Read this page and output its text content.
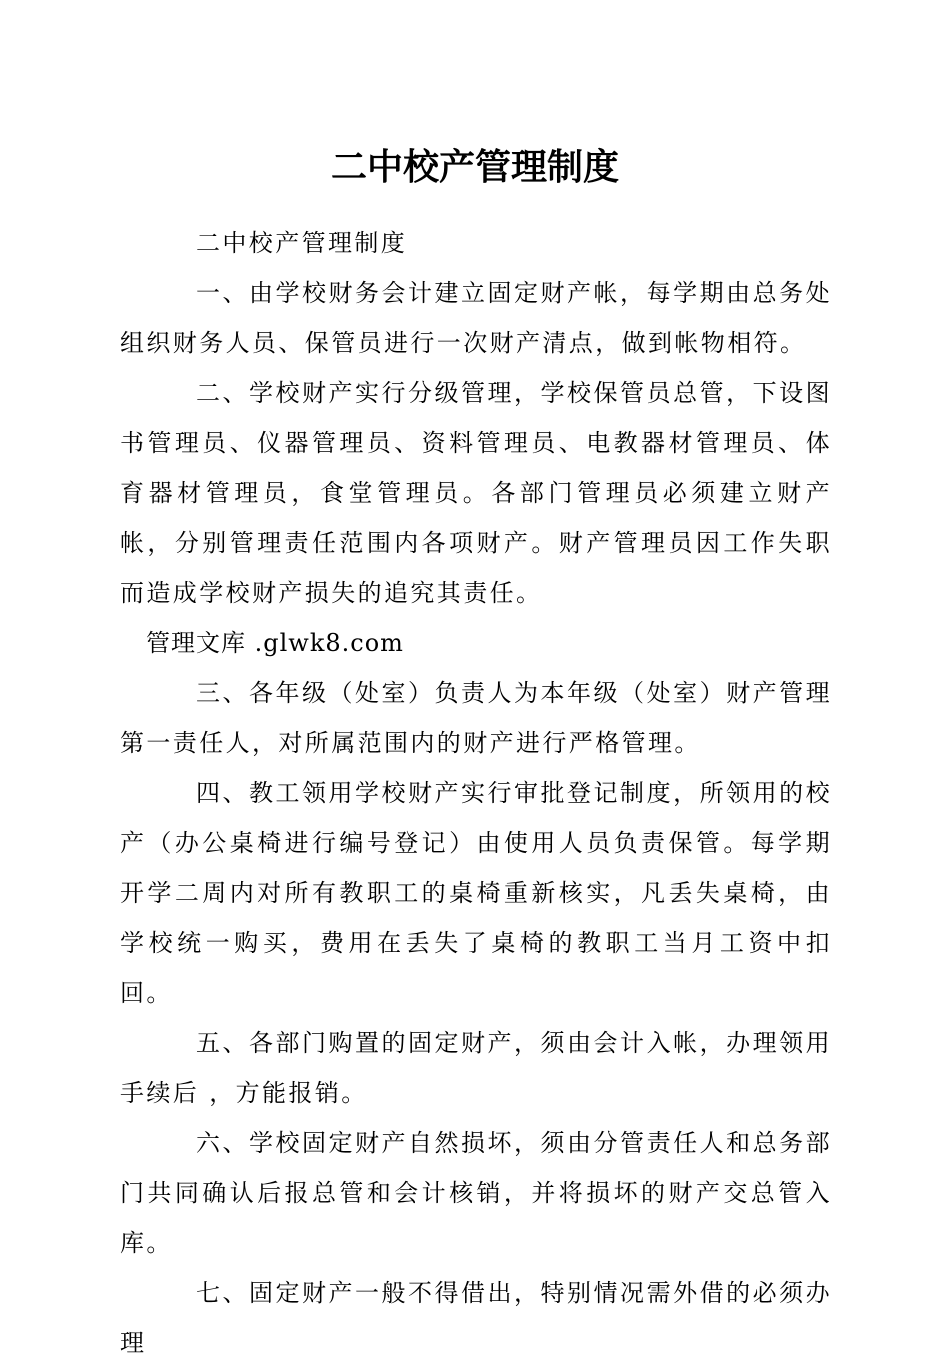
二中校产管理制度

二中校产管理制度

一、由学校财务会计建立固定财产帐，每学期由总务处组织财务人员、保管员进行一次财产清点，做到帐物相符。

二、学校财产实行分级管理，学校保管员总管，下设图书管理员、仪器管理员、资料管理员、电教器材管理员、体育器材管理员，食堂管理员。各部门管理员必须建立财产帐，分别管理责任范围内各项财产。财产管理员因工作失职而造成学校财产损失的追究其责任。

管理文库 .glwk8.com

三、各年级（处室）负责人为本年级（处室）财产管理第一责任人，对所属范围内的财产进行严格管理。

四、教工领用学校财产实行审批登记制度，所领用的校产（办公桌椅进行编号登记）由使用人员负责保管。每学期开学二周内对所有教职工的桌椅重新核实，凡丢失桌椅，由学校统一购买，费用在丢失了桌椅的教职工当月工资中扣回。

五、各部门购置的固定财产，须由会计入帐，办理领用手续后 ，方能报销。

六、学校固定财产自然损坏，须由分管责任人和总务部门共同确认后报总管和会计核销，并将损坏的财产交总管入库。

七、固定财产一般不得借出，特别情况需外借的必须办理
